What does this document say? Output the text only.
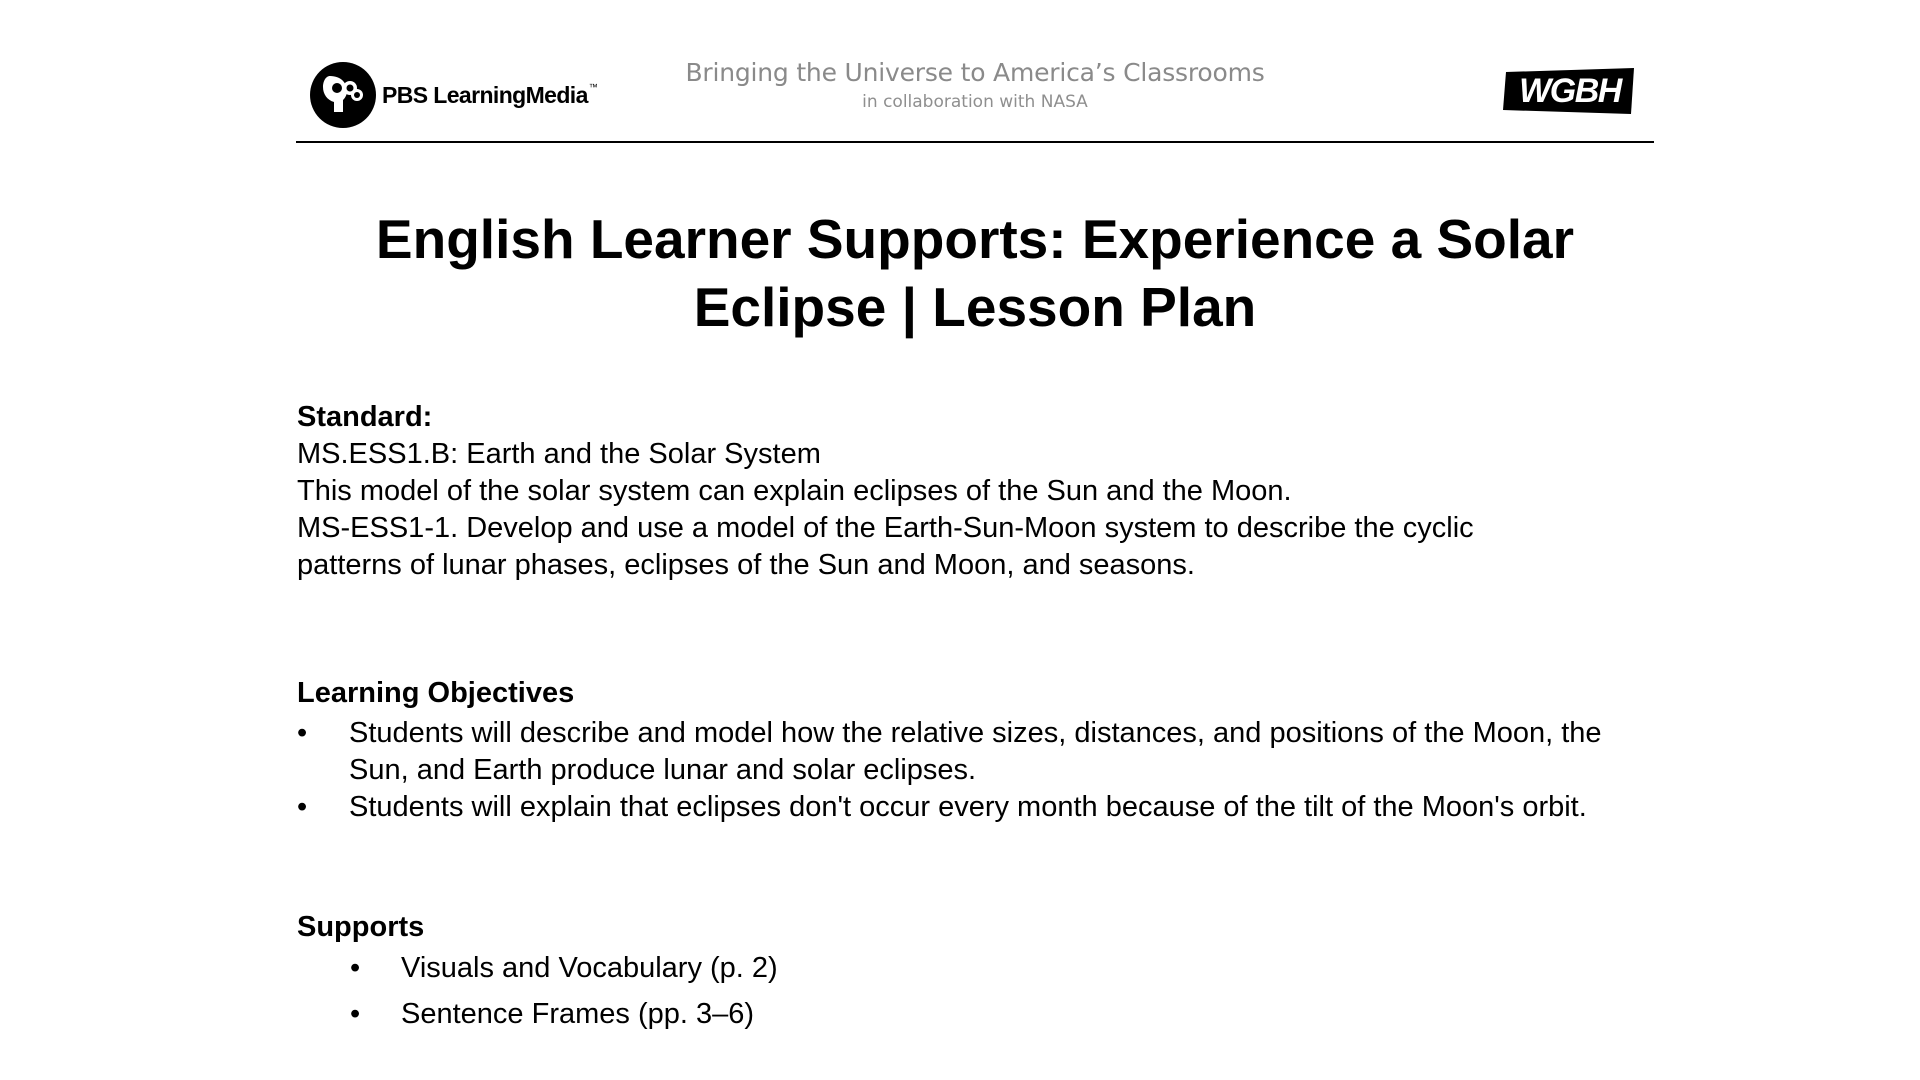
PBS LearningMedia™	Bringing the Universe to America’s Classrooms
in collaboration with NASA	WGBH
English Learner Supports: Experience a Solar
Eclipse | Lesson Plan

Standard:

MS.ESS1.B: Earth and the Solar System

This model of the solar system can explain eclipses of the Sun and the Moon.

MS-ESS1-1. Develop and use a model of the Earth-Sun-Moon system to describe the cyclic

patterns of lunar phases, eclipses of the Sun and Moon, and seasons.

Learning Objectives

• Students will describe and model how the relative sizes, distances, and positions of the Moon, the Sun, and Earth produce lunar and solar eclipses.
• Students will explain that eclipses don't occur every month because of the tilt of the Moon's orbit.

Supports

• Visuals and Vocabulary (p. 2)
• Sentence Frames (pp. 3–6)
